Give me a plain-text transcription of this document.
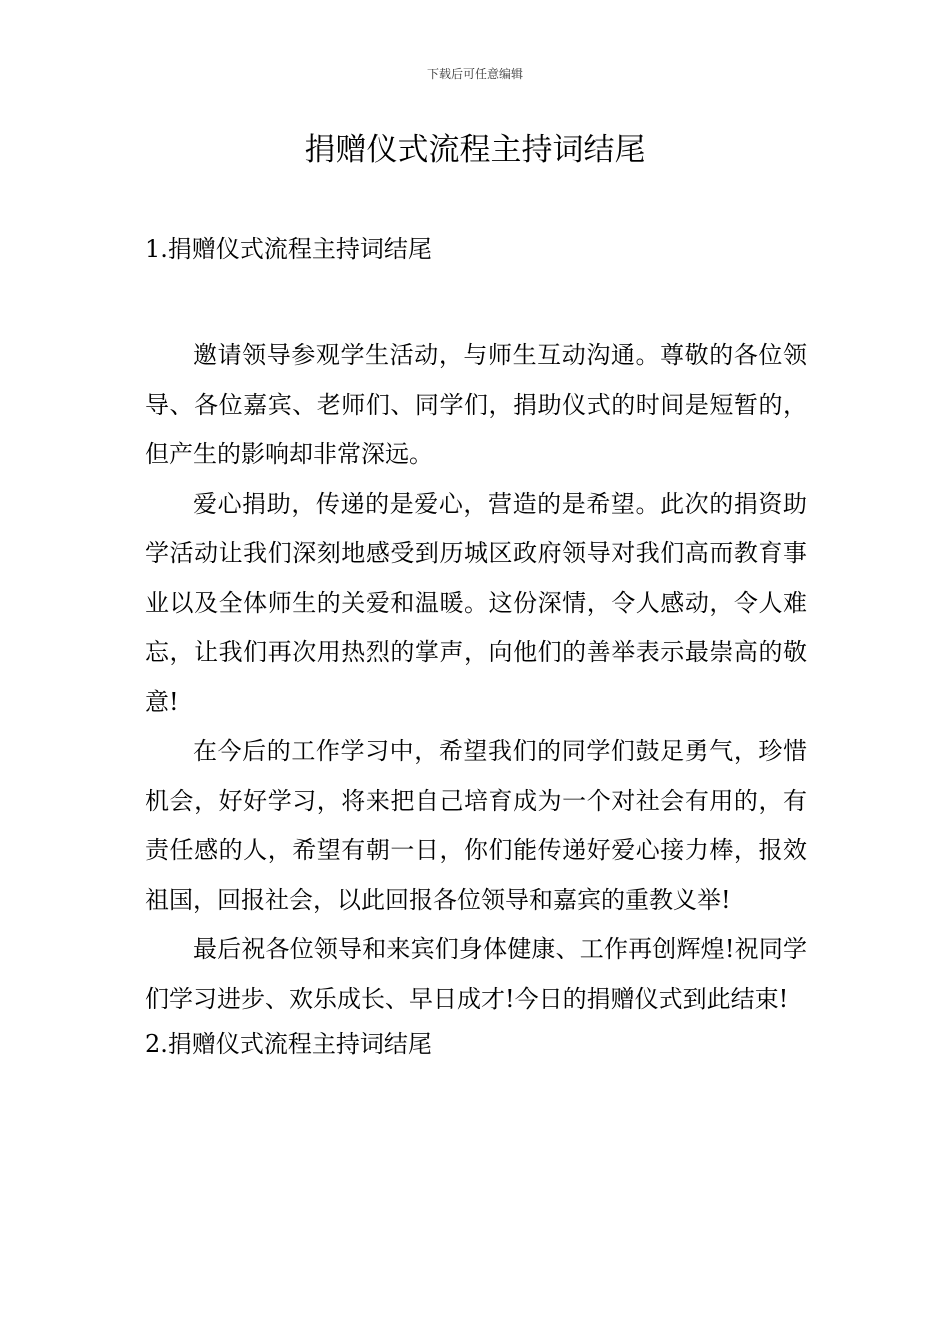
下载后可任意编辑
捐赠仪式流程主持词结尾
1.捐赠仪式流程主持词结尾

邀请领导参观学生活动，与师生互动沟通。尊敬的各位领导、各位嘉宾、老师们、同学们，捐助仪式的时间是短暂的，但产生的影响却非常深远。

爱心捐助，传递的是爱心，营造的是希望。此次的捐资助学活动让我们深刻地感受到历城区政府领导对我们高而教育事业以及全体师生的关爱和温暖。这份深情，令人感动，令人难忘，让我们再次用热烈的掌声，向他们的善举表示最崇高的敬意!

在今后的工作学习中，希望我们的同学们鼓足勇气，珍惜机会，好好学习，将来把自己培育成为一个对社会有用的，有责任感的人，希望有朝一日，你们能传递好爱心接力棒，报效祖国，回报社会，以此回报各位领导和嘉宾的重教义举!

最后祝各位领导和来宾们身体健康、工作再创辉煌!祝同学们学习进步、欢乐成长、早日成才!今日的捐赠仪式到此结束!

2.捐赠仪式流程主持词结尾
